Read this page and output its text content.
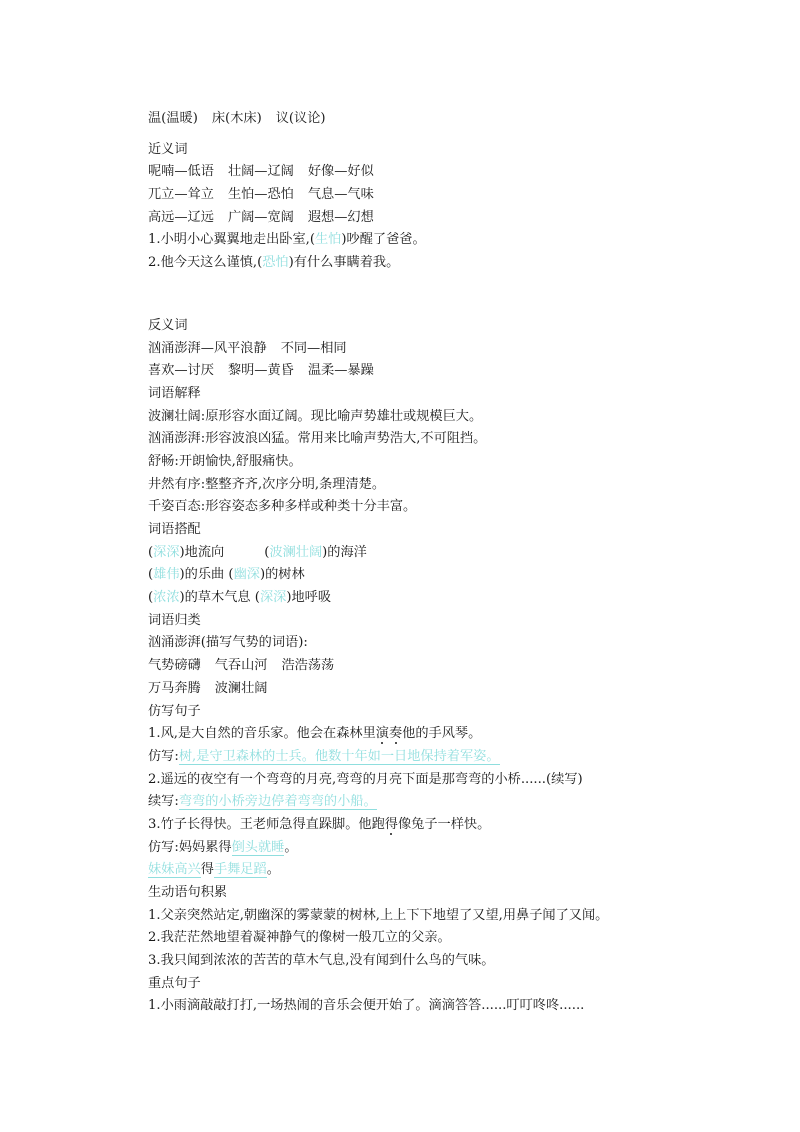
温(温暖) 床(木床) 议(议论)
近义词
呢喃—低语 壮阔—辽阔 好像—好似
兀立—耸立 生怕—恐怕 气息—气味
高远—辽远 广阔—宽阔 遐想—幻想
1.小明小心翼翼地走出卧室,(生怕)吵醒了爸爸。
2.他今天这么谨慎,(恐怕)有什么事瞒着我。
反义词
汹涌澎湃—风平浪静 不同—相同
喜欢—讨厌 黎明—黄昏 温柔—暴躁
词语解释
波澜壮阔:原形容水面辽阔。现比喻声势雄壮或规模巨大。
汹涌澎湃:形容波浪凶猛。常用来比喻声势浩大,不可阻挡。
舒畅:开朗愉快,舒服痛快。
井然有序:整整齐齐,次序分明,条理清楚。
千姿百态:形容姿态多种多样或种类十分丰富。
词语搭配
(深深)地流向	(波澜壮阔)的海洋
(雄伟)的乐曲 (幽深)的树林
(浓浓)的草木气息 (深深)地呼吸
词语归类
汹涌澎湃(描写气势的词语):
气势磅礴 气吞山河 浩浩荡荡
万马奔腾 波澜壮阔
仿写句子
1.风,是大自然的音乐家。他会在森林里演奏他的手风琴。
仿写:树,是守卫森林的士兵。他数十年如一日地保持着军姿。
2.遥远的夜空有一个弯弯的月亮,弯弯的月亮下面是那弯弯的小桥......(续写)
续写:弯弯的小桥旁边停着弯弯的小船。
3.竹子长得快。王老师急得直跺脚。他跑得像兔子一样快。
仿写:妈妈累得倒头就睡。
妹妹高兴得手舞足蹈。
生动语句积累
1.父亲突然站定,朝幽深的雾蒙蒙的树林,上上下下地望了又望,用鼻子闻了又闻。
2.我茫茫然地望着凝神静气的像树一般兀立的父亲。
3.我只闻到浓浓的苦苦的草木气息,没有闻到什么鸟的气味。
重点句子
1.小雨滴敲敲打打,一场热闹的音乐会便开始了。滴滴答答......叮叮咚咚......
